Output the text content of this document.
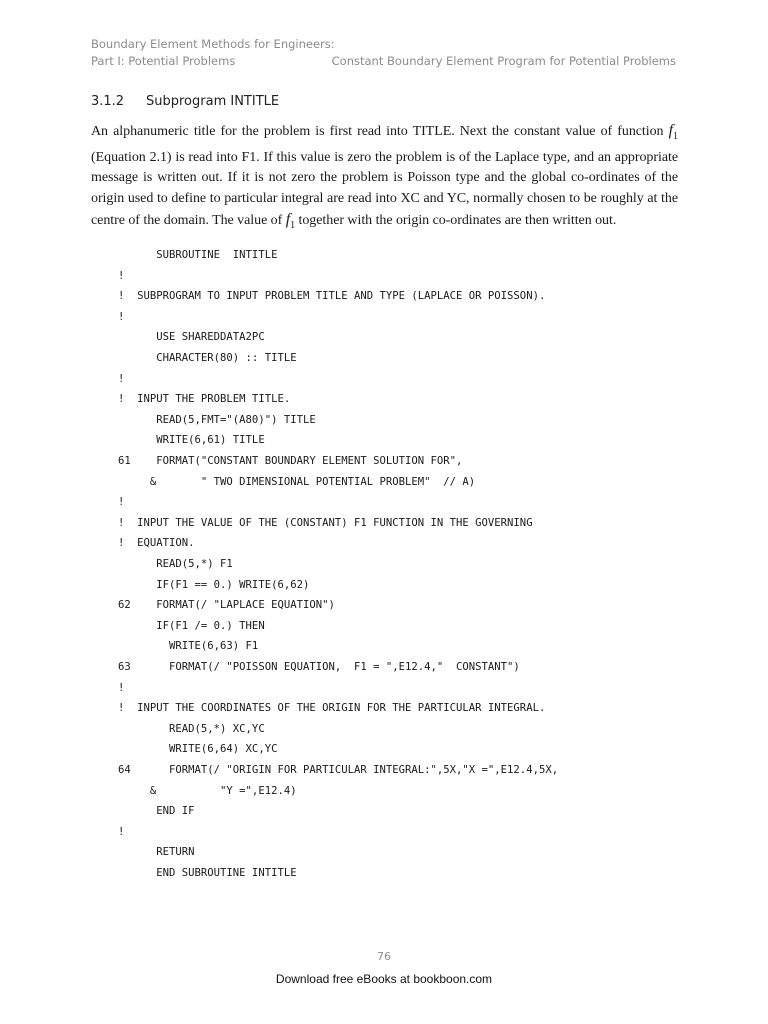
Boundary Element Methods for Engineers:
Part I: Potential Problems	Constant Boundary Element Program for Potential Problems
3.1.2 Subprogram INTITLE

An alphanumeric title for the problem is first read into TITLE. Next the constant value of function $f_1$ (Equation 2.1) is read into F1. If this value is zero the problem is of the Laplace type, and an appropriate message is written out. If it is not zero the problem is Poisson type and the global co-ordinates of the origin used to define to particular integral are read into XC and YC, normally chosen to be roughly at the centre of the domain. The value of $f_1$ together with the origin co-ordinates are then written out.

SUBROUTINE  INTITLE
!
!  SUBPROGRAM TO INPUT PROBLEM TITLE AND TYPE (LAPLACE OR POISSON).
!
USE SHAREDDATA2PC
CHARACTER(80) :: TITLE
!
!  INPUT THE PROBLEM TITLE.
READ(5,FMT="(A80)") TITLE
WRITE(6,61) TITLE
61    FORMAT("CONSTANT BOUNDARY ELEMENT SOLUTION FOR",
&       " TWO DIMENSIONAL POTENTIAL PROBLEM"  // A)
!
!  INPUT THE VALUE OF THE (CONSTANT) F1 FUNCTION IN THE GOVERNING
!  EQUATION.
READ(5,*) F1
IF(F1 == 0.) WRITE(6,62)
62    FORMAT(/ "LAPLACE EQUATION")
IF(F1 /= 0.) THEN
WRITE(6,63) F1
63      FORMAT(/ "POISSON EQUATION,  F1 = ",E12.4,"  CONSTANT")
!
!  INPUT THE COORDINATES OF THE ORIGIN FOR THE PARTICULAR INTEGRAL.
READ(5,*) XC,YC
WRITE(6,64) XC,YC
64      FORMAT(/ "ORIGIN FOR PARTICULAR INTEGRAL:",5X,"X =",E12.4,5X,
&          "Y =",E12.4)
END IF
!
RETURN
END SUBROUTINE INTITLE
76
Download free eBooks at bookboon.com
